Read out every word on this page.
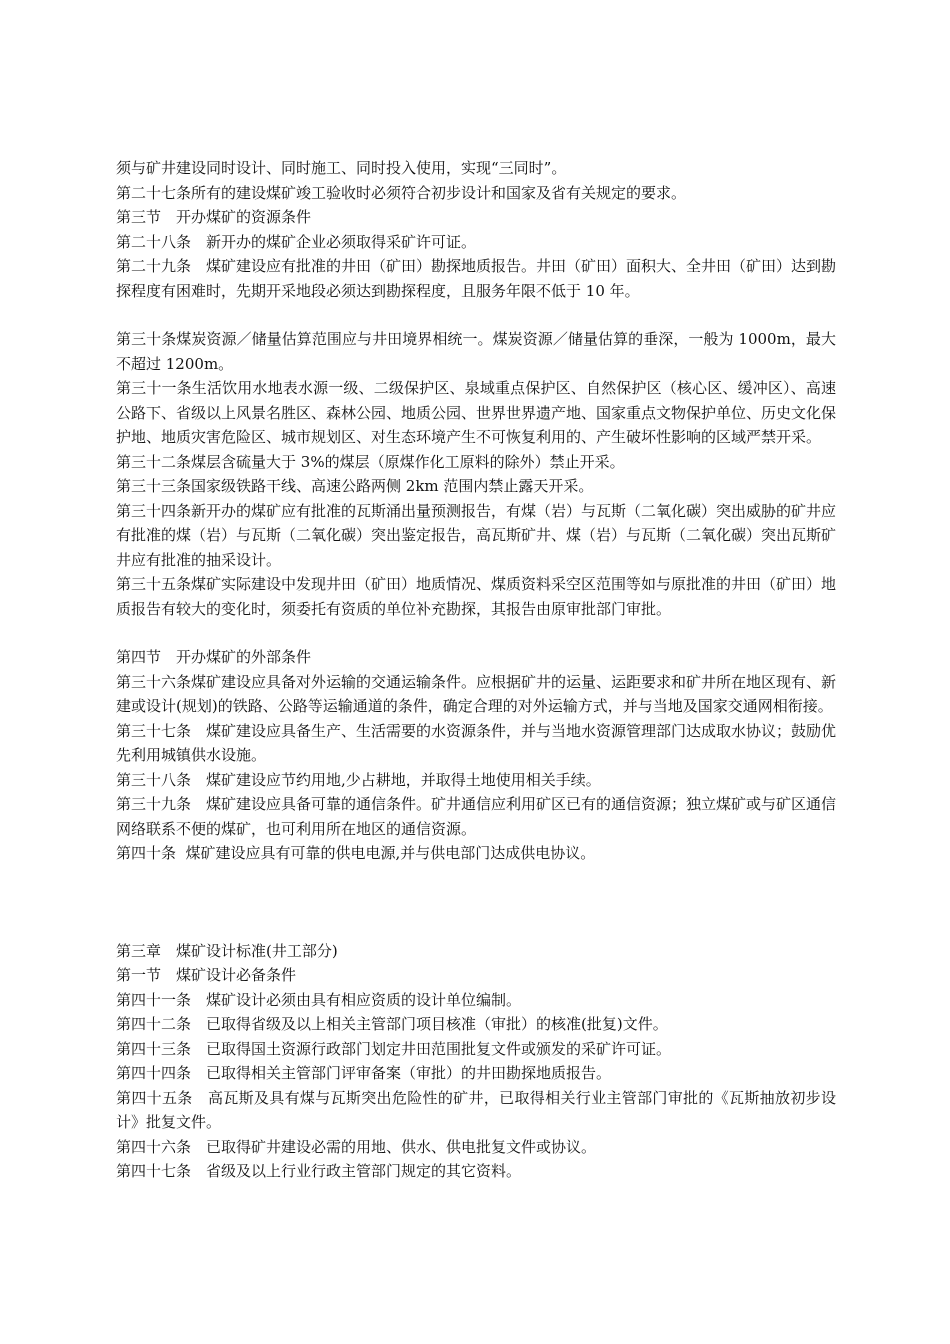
须与矿井建设同时设计、同时施工、同时投入使用，实现“三同时”。

第二十七条所有的建设煤矿竣工验收时必须符合初步设计和国家及省有关规定的要求。

第三节　开办煤矿的资源条件

第二十八条　新开办的煤矿企业必须取得采矿许可证。

第二十九条　煤矿建设应有批准的井田（矿田）勘探地质报告。井田（矿田）面积大、全井田（矿田）达到勘探程度有困难时，先期开采地段必须达到勘探程度，且服务年限不低于 10 年。

第三十条煤炭资源／储量估算范围应与井田境界相统一。煤炭资源／储量估算的垂深，一般为 1000m，最大不超过 1200m。

第三十一条生活饮用水地表水源一级、二级保护区、泉域重点保护区、自然保护区（核心区、缓冲区）、高速公路下、省级以上风景名胜区、森林公园、地质公园、世界世界遗产地、国家重点文物保护单位、历史文化保护地、地质灾害危险区、城市规划区、对生态环境产生不可恢复利用的、产生破坏性影响的区域严禁开采。

第三十二条煤层含硫量大于 3%的煤层（原煤作化工原料的除外）禁止开采。

第三十三条国家级铁路干线、高速公路两侧 2km 范围内禁止露天开采。

第三十四条新开办的煤矿应有批准的瓦斯涌出量预测报告，有煤（岩）与瓦斯（二氧化碳）突出威胁的矿井应有批准的煤（岩）与瓦斯（二氧化碳）突出鉴定报告，高瓦斯矿井、煤（岩）与瓦斯（二氧化碳）突出瓦斯矿井应有批准的抽采设计。

第三十五条煤矿实际建设中发现井田（矿田）地质情况、煤质资料采空区范围等如与原批准的井田（矿田）地质报告有较大的变化时，须委托有资质的单位补充勘探，其报告由原审批部门审批。

第四节　开办煤矿的外部条件

第三十六条煤矿建设应具备对外运输的交通运输条件。应根据矿井的运量、运距要求和矿井所在地区现有、新建或设计(规划)的铁路、公路等运输通道的条件，确定合理的对外运输方式，并与当地及国家交通网相衔接。

第三十七条　煤矿建设应具备生产、生活需要的水资源条件，并与当地水资源管理部门达成取水协议；鼓励优先利用城镇供水设施。

第三十八条　煤矿建设应节约用地,少占耕地，并取得土地使用相关手续。

第三十九条　煤矿建设应具备可靠的通信条件。矿井通信应利用矿区已有的通信资源；独立煤矿或与矿区通信网络联系不便的煤矿，也可利用所在地区的通信资源。

第四十条  煤矿建设应具有可靠的供电电源,并与供电部门达成供电协议。

第三章　煤矿设计标准(井工部分)

第一节　煤矿设计必备条件

第四十一条　煤矿设计必须由具有相应资质的设计单位编制。

第四十二条　已取得省级及以上相关主管部门项目核准（审批）的核准(批复)文件。

第四十三条　已取得国土资源行政部门划定井田范围批复文件或颁发的采矿许可证。

第四十四条　已取得相关主管部门评审备案（审批）的井田勘探地质报告。

第四十五条　高瓦斯及具有煤与瓦斯突出危险性的矿井，已取得相关行业主管部门审批的《瓦斯抽放初步设计》批复文件。

第四十六条　已取得矿井建设必需的用地、供水、供电批复文件或协议。

第四十七条　省级及以上行业行政主管部门规定的其它资料。
